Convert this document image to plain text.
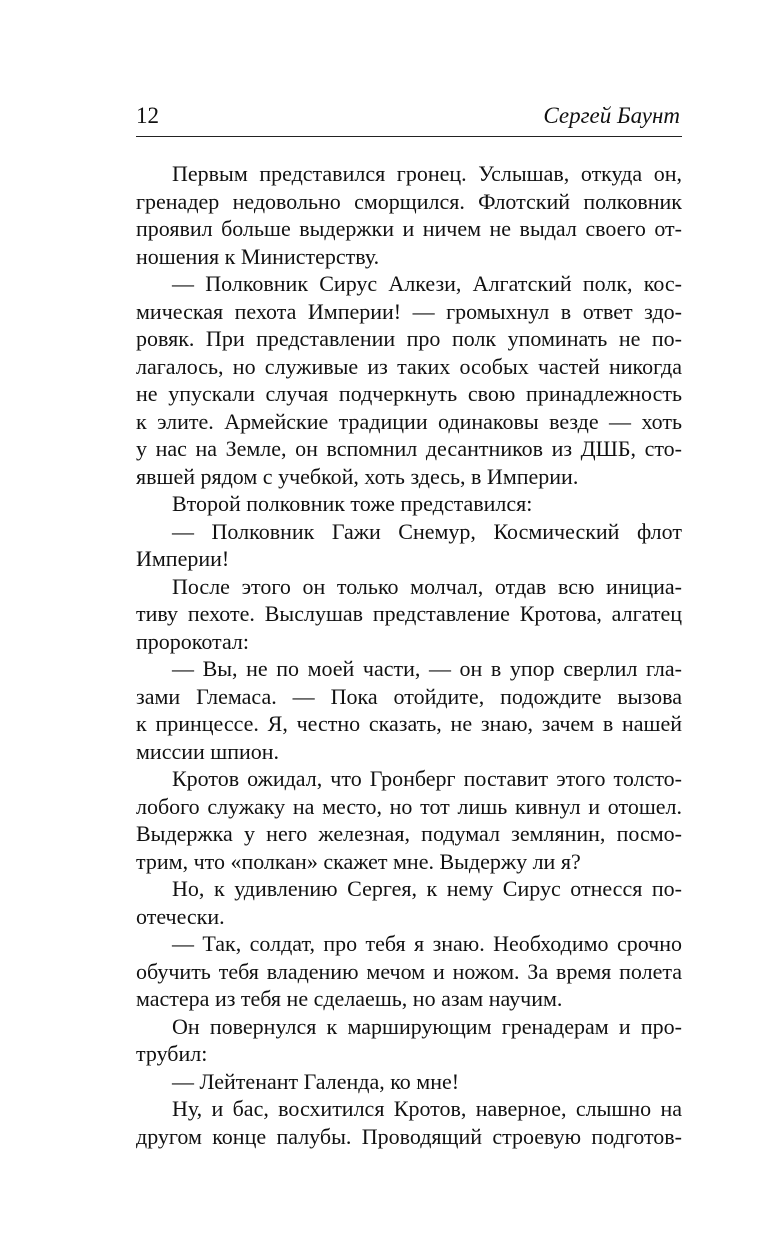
12	Сергей Баунт
Первым представился гронец. Услышав, откуда он,
гренадер недовольно сморщился. Флотский полковник
проявил больше выдержки и ничем не выдал своего от-
ношения к Министерству.
— Полковник Сирус Алкези, Алгатский полк, кос-
мическая пехота Империи! — громыхнул в ответ здо-
ровяк. При представлении про полк упоминать не по-
лагалось, но служивые из таких особых частей никогда
не упускали случая подчеркнуть свою принадлежность
к элите. Армейские традиции одинаковы везде — хоть
у нас на Земле, он вспомнил десантников из ДШБ, сто-
явшей рядом с учебкой, хоть здесь, в Империи.
Второй полковник тоже представился:
— Полковник Гажи Снемур, Космический флот
Империи!
После этого он только молчал, отдав всю инициа-
тиву пехоте. Выслушав представление Кротова, алгатец
пророкотал:
— Вы, не по моей части, — он в упор сверлил гла-
зами Глемаса. — Пока отойдите, подождите вызова
к принцессе. Я, честно сказать, не знаю, зачем в нашей
миссии шпион.
Кротов ожидал, что Гронберг поставит этого толсто-
лобого служаку на место, но тот лишь кивнул и отошел.
Выдержка у него железная, подумал землянин, посмо-
трим, что «полкан» скажет мне. Выдержу ли я?
Но, к удивлению Сергея, к нему Сирус отнесся по-
отечески.
— Так, солдат, про тебя я знаю. Необходимо срочно
обучить тебя владению мечом и ножом. За время полета
мастера из тебя не сделаешь, но азам научим.
Он повернулся к марширующим гренадерам и про-
трубил:
— Лейтенант Галенда, ко мне!
Ну, и бас, восхитился Кротов, наверное, слышно на
другом конце палубы. Проводящий строевую подготов-
